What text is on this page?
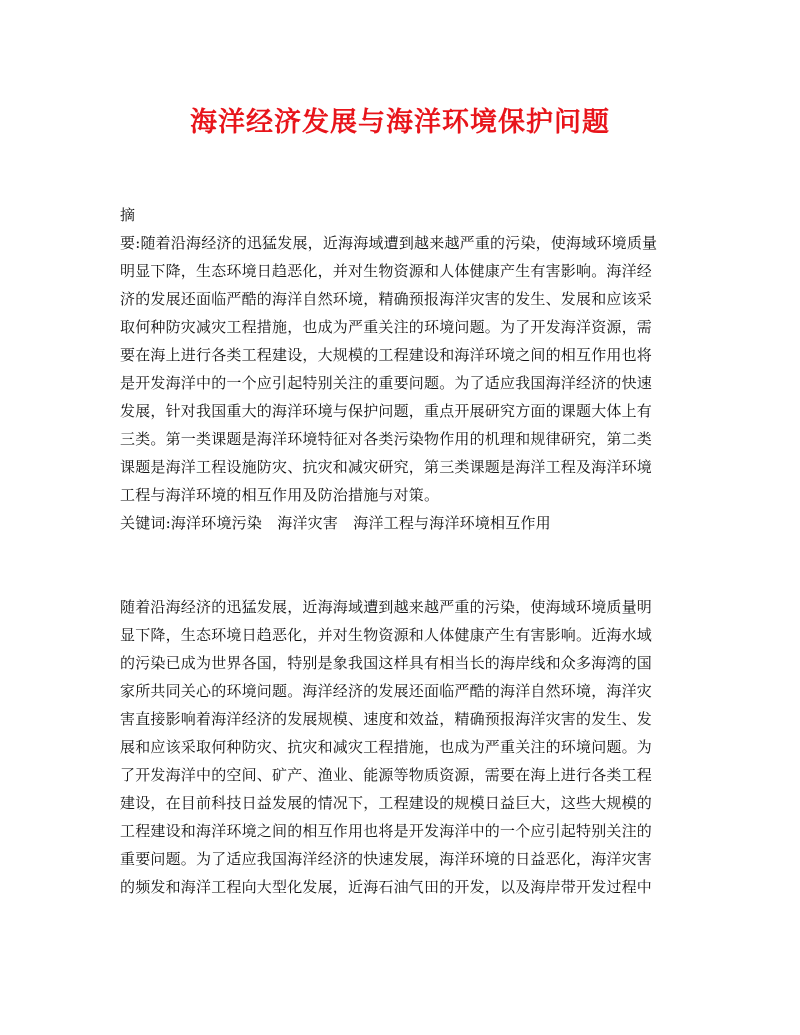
海洋经济发展与海洋环境保护问题
摘
要:随着沿海经济的迅猛发展，近海海域遭到越来越严重的污染，使海域环境质量
明显下降，生态环境日趋恶化，并对生物资源和人体健康产生有害影响。海洋经
济的发展还面临严酷的海洋自然环境，精确预报海洋灾害的发生、发展和应该采
取何种防灾减灾工程措施，也成为严重关注的环境问题。为了开发海洋资源，需
要在海上进行各类工程建设，大规模的工程建设和海洋环境之间的相互作用也将
是开发海洋中的一个应引起特别关注的重要问题。为了适应我国海洋经济的快速
发展，针对我国重大的海洋环境与保护问题，重点开展研究方面的课题大体上有
三类。第一类课题是海洋环境特征对各类污染物作用的机理和规律研究，第二类
课题是海洋工程设施防灾、抗灾和减灾研究，第三类课题是海洋工程及海洋环境
工程与海洋环境的相互作用及防治措施与对策。
关键词:海洋环境污染　海洋灾害　海洋工程与海洋环境相互作用
随着沿海经济的迅猛发展，近海海域遭到越来越严重的污染，使海域环境质量明
显下降，生态环境日趋恶化，并对生物资源和人体健康产生有害影响。近海水域
的污染已成为世界各国，特别是象我国这样具有相当长的海岸线和众多海湾的国
家所共同关心的环境问题。海洋经济的发展还面临严酷的海洋自然环境，海洋灾
害直接影响着海洋经济的发展规模、速度和效益，精确预报海洋灾害的发生、发
展和应该采取何种防灾、抗灾和减灾工程措施，也成为严重关注的环境问题。为
了开发海洋中的空间、矿产、渔业、能源等物质资源，需要在海上进行各类工程
建设，在目前科技日益发展的情况下，工程建设的规模日益巨大，这些大规模的
工程建设和海洋环境之间的相互作用也将是开发海洋中的一个应引起特别关注的
重要问题。为了适应我国海洋经济的快速发展，海洋环境的日益恶化，海洋灾害
的频发和海洋工程向大型化发展，近海石油气田的开发，以及海岸带开发过程中
